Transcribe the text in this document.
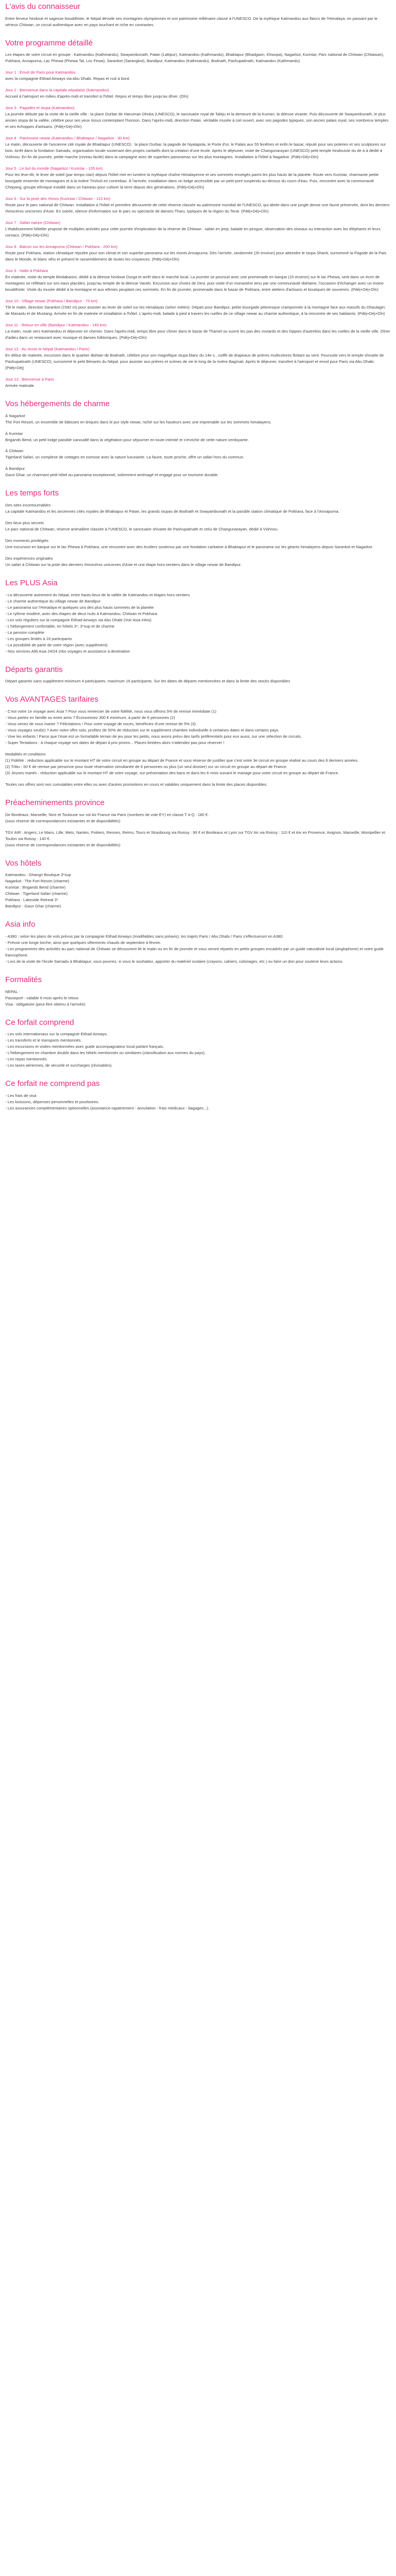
L'avis du connaisseur

Entre ferveur hindoue et sagesse bouddhiste, le Népal dévoile ses montagnes olympiennes et son patrimoine millénaire classé à l'UNESCO. De la mythique Katmandou aux flancs de l'Himalaya, en passant par le sérieux Chitwan, un circuit authentique avec en pays touchant et riche en contrastes.

Votre programme détaillé

Les étapes de votre circuit en groupe : Katmandou (Kathmandu), Swayambunath, Patan (Lalitpur), Katmandou (Kathmandu), Bhaktapur (Bhadgaon, Khwopa), Nagarkot, Kurintar, Parc national de Chitwan (Chitawan), Pokhara, Annapurna, Lac Phewa (Phewa Tal, Loc Fewa), Sarankot (Sarangkot), Bandipur, Katmandou (Kathmandu), Bodnath, Pashupatinath, Katmandou (Kathmandu)

Jour 1 : Envol de Paris pour Katmandou
avec la compagnie Etihad Airways via Abu Dhabi. Repas et nuit à bord.
Jour 2 : Bienvenue dans la capitale népalaise (Katmandou)
Accueil à l'aéroport en milieu d'après-midi et transfert à l'hôtel. Repos et temps libre jusqu'au dîner. (Dîn)
Jour 3 : Pagodes et stupa (Katmandou)
La journée débute par la visite de la vieille ville : la place Durbar de Hanuman Dhoka (UNESCO), le sanctuaire royal de Taleju et la demeure de la Kumari, la déesse vivante. Puis découverte de Swayambunath, le plus ancien stupa de la vallée, célèbre pour ses yeux tissus contemplant l'horizon. Dans l'après-midi, direction Patan, véritable musée à ciel ouvert, avec ses pagodes typiques, son ancien palais royal, ses nombreux temples et ses échoppes d'artisans. (Pdéj+Déj+Dîn)
Jour 4 : Patrimoine newar (Katmandou / Bhaktapur / Nagarkot - 30 km)
Le matin, découverte de l'ancienne cité royale de Bhaktapur (UNESCO) : la place Durbar, la pagode de Nyatapola, le Porte d'or, le Palais aux 55 fenêtres et enfin le bazar, réputé pour ses poteries et ses sculptures sur bois. Arrêt dans la fondation Samadu, organisation locale soutenant des projets caritatifs dont la création d'une école. Après le déjeuner, visite de Changunarayan (UNESCO) petit temple hindouiste du de à à dédié à Vishnou. En fin de journée, petite marche (niveau facile) dans la campagne avec de superbes panoramas sur les plus montagnes. Installation à l'hôtel à Nagarkot. (Pdéj+Déj+Dîn)
Jour 5 : Le bol du monde (Nagarkot / Kurintar - 105 km)
Pour les lève-tôt, le lever de soleil (par temps clair) depuis l'hôtel met en lumière la mythique chaîne Himalayenne et ses sommets enneigés parmi les plus hauts de la planète. Route vers Kurintar, charmante petite bourgade enserrée de montagnes et à la rivière Trishuli en contrebas. À l'arrivée, installation dans un lodge accessible par un petit pont suspendu au-dessus du cours d'eau. Puis, rencontre avec la communauté Chepang, groupe ethnique installé dans un hameau pour cultiver la terre depuis des générations. (Pdéj+Déj+Dîn)
Jour 6 : Sur la piste des rhinos (Kurintar / Chitwan - 110 km)
Route pour le parc national de Chitwan. Installation à l'hôtel et première découverte de cette réserve classée au patrimoine mondial de l'UNESCO, qui abrite dans une jungle dense une faune préservée, dont les derniers rhinocéros unicornes d'Asie. En soirée, silence d'information sur le parc ou spectacle de danses Tharu, typiques de la région du Teraï. (Pdéj+Déj+Dîn)
Jour 7 : Safari nature (Chitwan)
L'établissement hôtelier propose de multiples activités pour cette journée d'exploration de la réserve de Chitwan : safari en jeep, balade en pirogue, observation des oiseaux ou interaction avec les éléphants et leurs cornacs. (Pdéj+Déj+Dîn)
Jour 8 : Balcon sur les Annapurna (Chitwan / Pokhara - 200 km)
Route pour Pokhara, station climatique réputée pour son climat et son superbe panorama sur les monts Annapurna. Dès l'arrivée, randonnée (2h environ) pour atteindre le stupa Shanti, surnommé la Pagode de la Paix dans le Monde, le blanc vêtu et présent le rassemblement de toutes les croyances. (Pdéj+Déj+Dîn)
Jour 9 : Halte à Pokhara
En matinée, visite du temple Bindabasini, dédié à la déesse hindoue Durga et arrêt dans le marché local. La journée se poursuit avec une promenade en barque (1h environ) sur le lac Phewa, serti dans un écrin de montagnes se reflétant sur ses eaux placides, jusqu'au temple de la déesse Varahi. Excursion aux chutes de Devi, puis visite d'un monastère tenu par une communauté tibétaine, l'occasion d'échanger avec un moine bouddhiste. Visite du musée dédié à la montagne et aux ethnies peuplant ces sommets. En fin de journée, promenade dans le bazar de Pokhara, entre ateliers d'artisans et boutiques de souvenirs. (Pdéj+Déj+Dîn)
Jour 10 : Village newar (Pokhara / Bandipur - 75 km)
Tôt le matin, direction Sarankot (1592 m) pour assister au lever de soleil sur les Himalayas (selon météo). Départ pour Bandipur, petite bourgade pittoresque cramponnée à la montagne face aux massifs du Dhaulagiri, de Manaslu et de Mustang. Arrivée en fin de matinée et installation à l'hôtel. L'après-midi, balade à pied à travers les ruelles de ce village newar au charme authentique, à la rencontre de ses habitants. (Pdéj+Déj+Dîn)
Jour 11 : Retour en ville (Bandipur / Katmandou - 145 km)
La matin, route vers Katmandou et déjeuner en chemin. Dans l'après-midi, temps libre pour chiner dans le bazar de Thamel ou suivre les pas des routards et des hippies d'autrefois dans les ruelles de la vieille ville. Dîner d'adieu dans un restaurant avec musique et danses folkloriques. (Pdéj+Déj+Dîn)
Jour 12 : Au revoir le Népal (Katmandou / Paris)
En début de matinée, excursion dans le quartier tibétain de Bodnath, célèbre pour son magnifique stupa blanc du 14e s., coiffé de drapeaux de prières multicolores flottant au vent. Poursuite vers le temple shivaïte de Pashupatinath (UNESCO), surnommé le petit Bénarès du Népal, pour assister aux prières et scènes de vie le long de la rivière Bagmati. Après le déjeuner, transfert à l'aéroport et envol pour Paris via Abu Dhabi. (Pdéj+Déj)
Jour 13 : Bienvenue à Paris
Arrivée matinale.
Vos hébergements de charme
À Nagarkot
The Fort Resort, un ensemble de bâtisses en briques dans le pur style newar, niché sur les hauteurs avec une imprenable sur les sommets himalayens.
À Kurintar
Brigands Bend, un petit lodge paisible canoudlé dans la végétation pour séjourner en toute intimité et s'enrichir de cette nature verdoyante.
À Chitwan
Tigerland Safari, un complexe de cottages en osmose avec la nature luxuriante. La faune, toute proche, offre un safari hors du commun.
À Bandipur
Gaun Ghar, un charmant petit hôtel au panorama exceptionnel, sobrement aménagé et engagé pour un tourisme durable.
Les temps forts
Des sites incontournables
La capitale Katmandou et les anciennes cités royales de Bhaktapur et Patan, les grands stupas de Bodnath et Swayambunath et la paisible station climatique de Pokhara, face à l'Annapurna.
Des lieux plus secrets
Le parc national de Chitwan, réserve animalière classée à l'UNESCO, le sanctuaire shivaïte de Pashupatinath et celui de Changunarayan, dédié à Vishnou.
Des moments privilégiés
Une excursion en barque sur le lac Phewa à Pokhara, une rencontre avec des écoliers soutenus par une fondation caritative à Bhaktapur et le panorama sur les géants himalayens depuis Sarankot et Nagarkot.
Des expériences originales
Un safari à Chitwan sur la piste des derniers rhinocéros unicornes d'Asie et une étape hors-sentiers dans le village newar de Bandipur.
Les PLUS Asia
- La découverte autrement du Népal, entre hauts-lieux de la vallée de Katmandou et étapes hors-sentiers
- Le charme authentique du village newar de Bandipur
- Le panorama sur l'Himalaya et quelques uns des plus hauts sommets de la planète
- Le rythme modéré, avec des étapes de deux nuits à Katmandou, Chitwan et Pokhara
- Les vols réguliers sur la compagnie Etihad Airways via Abu Dhabi (Voir Asia Infos)
- L'hébergement confortable, en hôtels 3*, 3*sup et de charme
- La pension complète
- Les groupes limités à 16 participants
- La possibilité de partir de votre région (avec supplément)
- Nos services Allô Asia 24/24 (nbs voyages et assistance à destination
Départs garantis

Départ garantis sans supplément minimum 4 participants, maximum 16 participants. Sur les dates de départs mentionnées et dans la limite des stocks disponibles

Vos AVANTAGES tarifaires
- C'est votre 1e voyage avec Asia ? Pour vous remercier de votre fidélité, nous vous offrons 5% de remise immédiate (1)
- Vous partez en famille ou entre amis ? Économisez 300 € minimum, à partir de 6 personnes (2)
- Vous venez de vous marier ? Félicitations ! Pour votre voyage de noces, bénéficiez d'une remise de 5% (3)
- Vous voyagez seul(e) ? Avec notre offre solo, profitez de 50% de réduction sur le supplément chambre individuelle à certaines dates et dans certains pays.
- Vive les enfants ! Parce que l'Asie est un formidable terrain de jeu pour les petits, nous avons prévu des tarifs préférentiels pour eux aussi, sur une sélection de circuits.
- Super Tentations : à chaque voyage ses dates de départ à prix promo... Places limitées alors n'attendez pas pour réserver !
Modalités et conditions
(1) Fidélité : réduction applicable sur le montant HT de votre circuit en groupe au départ de France et sous réserve de justifier que c'est votre 3e circuit en groupe réalisé au cours des 6 derniers années.
(2) Tribu : 50 € de remise par personne pour toute réservation simultanée de 6 personnes ou plus (un seul dossier) sur un circuit en groupe au départ de France.
(3) Jeunes mariés : réduction applicable sur le montant HT de votre voyage, sur présentation des bans et dans les 6 mois suivant le mariage pour votre circuit en groupe au départ de France.

Toutes ces offres sont non cumulables entre elles ou avec d'autres promotions en cours et valables uniquement dans la limite des places disponibles.

Préacheminements province
De Bordeaux, Marseille, Nice et Toulouse sur vol Air France via Paris (nombres de vole EY) en classe T à Q : 180 €.
(sous réserve de correspondances existantes et de disponibilités)
TGV AIR : Angers, Le Mans, Lille, Metz, Nantes, Poitiers, Rennes, Reims, Tours et Strasbourg via Roissy : 90 € et Bordeaux et Lyon sur TGV Air via Roissy : 110 € et Aix en Provence, Avignon, Marseille, Montpellier et Toulon via Roissy : 140 €.
(sous réserve de correspondances existantes et de disponibilités)
Vos hôtels
Katmandou : Ghangri Boutique 3*sup
Nagarkot : The Fort Resort (charme)
Kurintar : Brigands Bend (charme)
Chitwan : Tigerland Safari (charme)
Pokhara : Lakeside Retreat 3*
Bandipur : Gaun Ghar (charme)
Asia info
- A380 : selon les plans de vols prévus par la compagnie Etihad Airways (modifiables sans préavis), les trajets Paris / Abu Dhabi / Paris s'effectueront en A380.
- Prévoir une longe torche, ainsi que quelques vêtements chauds de septembre à février.
- Les programmes des activités au parc national de Chitwan se découvrent lié le matin ou en fin de journée et vous seront répartis en petits groupes encadrés par un guide naturaliste local (anglophone) et votre guide francophone.
- Lors de la visite de l'école Samadu à Bhaktapur, vous pourrez, si vous le souhaitez, apporter du matériel scolaire (crayons, cahiers, coloriages, etc.) ou faire un don pour soutenir leurs actions.
Formalités
NEPAL :
Passeport : valable 6 mois après le retour.
Visa : obligatoire (peut être obtenu à l'arrivée)
Ce forfait comprend
- Les vols internationaux sur la compagnie Etihad Airways.
- Les transferts et le transports mentionnés.
- Les excursions et visites mentionnées avec guide accompagnateur local parlant français.
- L'hébergement en chambre double dans les hôtels mentionnés ou similaires (classification aux normes du pays).
- Les repas mentionnés.
- Les taxes aériennes, de sécurité et surcharges (révisables).
Ce forfait ne comprend pas
- Les frais de visa
- Les boissons, dépenses personnelles et pourboires.
- Les assurances complémentaires optionnelles (assistance-rapatriement - annulation - frais médicaux - bagages...).
